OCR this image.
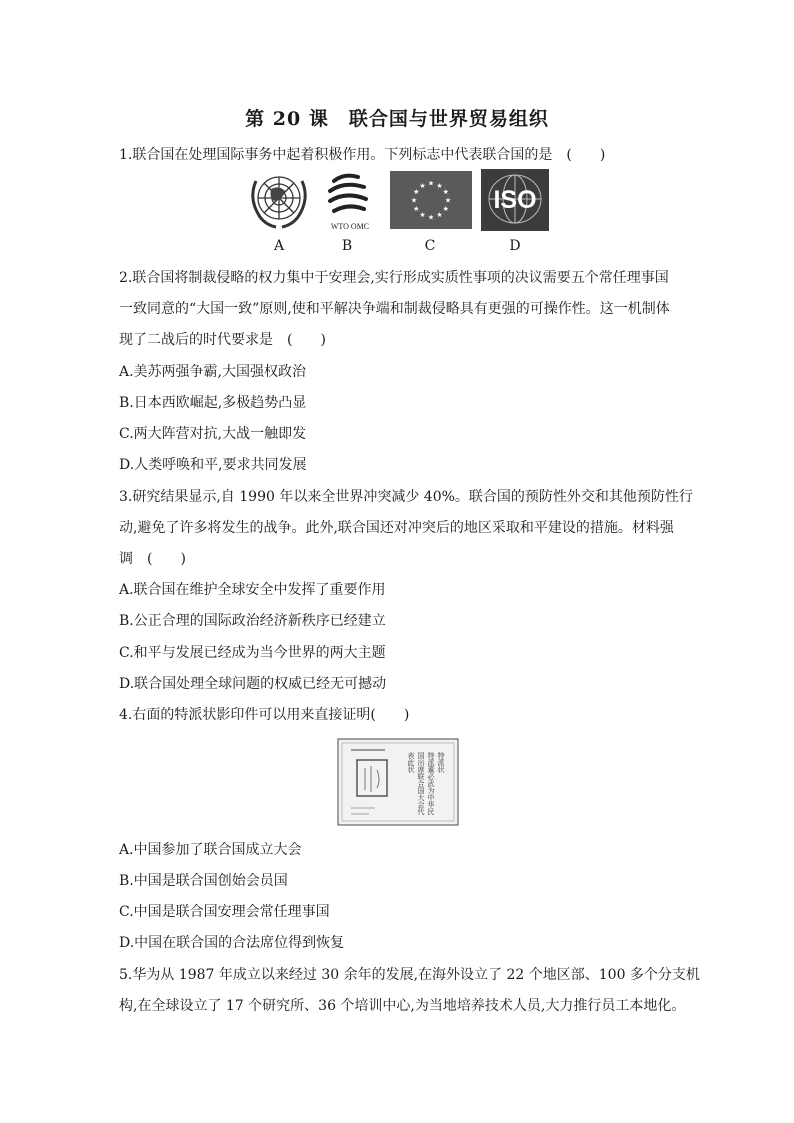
第 20 课　联合国与世界贸易组织
1.联合国在处理国际事务中起着积极作用。下列标志中代表联合国的是　(　　)
WTO OMC
★ ★
★
★
★
★
★
★
★
★
★
★
ISO
A	B	C	D
2.联合国将制裁侵略的权力集中于安理会,实行形成实质性事项的决议需要五个常任理事国
一致同意的“大国一致”原则,使和平解决争端和制裁侵略具有更强的可操作性。这一机制体
现了二战后的时代要求是　(　　)
A.美苏两强争霸,大国强权政治
B.日本西欧崛起,多极趋势凸显
C.两大阵营对抗,大战一触即发
D.人类呼唤和平,要求共同发展
3.研究结果显示,自 1990 年以来全世界冲突减少 40%。联合国的预防性外交和其他预防性行
动,避免了许多将发生的战争。此外,联合国还对冲突后的地区采取和平建设的措施。材料强
调　(　　)
A.联合国在维护全球安全中发挥了重要作用
B.公正合理的国际政治经济新秩序已经建立
C.和平与发展已经成为当今世界的两大主题
D.联合国处理全球问题的权威已经无可撼动
4.右面的特派状影印件可以用来直接证明(　　)
特派状
特派董必武为中华民
国出席联合国大会代
表此状
A.中国参加了联合国成立大会
B.中国是联合国创始会员国
C.中国是联合国安理会常任理事国
D.中国在联合国的合法席位得到恢复
5.华为从 1987 年成立以来经过 30 余年的发展,在海外设立了 22 个地区部、100 多个分支机
构,在全球设立了 17 个研究所、36 个培训中心,为当地培养技术人员,大力推行员工本地化。
